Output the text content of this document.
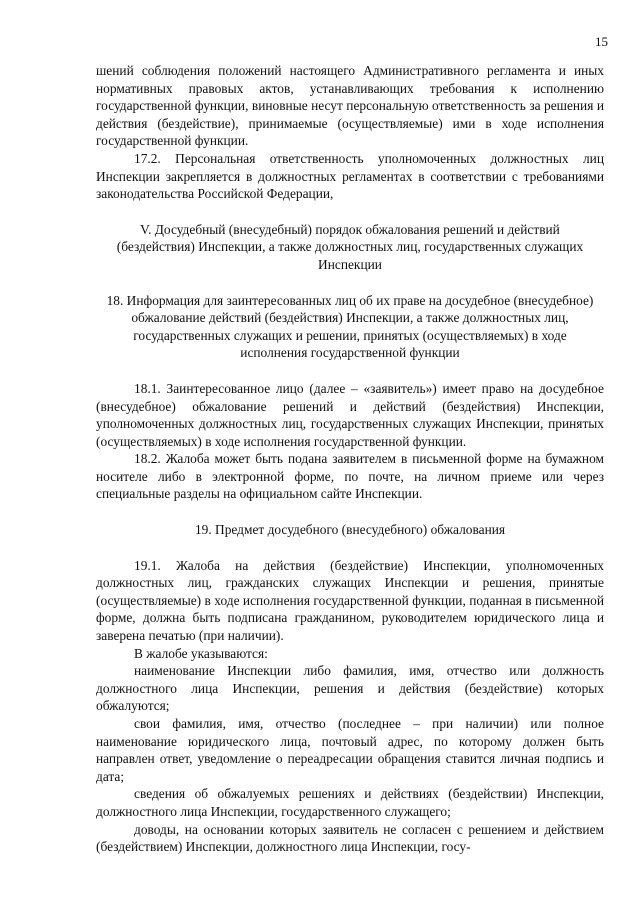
15

шений соблюдения положений настоящего Административного регламента и иных нормативных правовых актов, устанавливающих требования к исполнению государственной функции, виновные несут персональную ответственность за решения и действия (бездействие), принимаемые (осуществляемые) ими в ходе исполнения государственной функции.

17.2. Персональная ответственность уполномоченных должностных лиц Инспекции закрепляется в должностных регламентах в соответствии с требованиями законодательства Российской Федерации,

V. Досудебный (внесудебный) порядок обжалования решений и действий (бездействия) Инспекции, а также должностных лиц, государственных служащих Инспекции

18. Информация для заинтересованных лиц об их праве на досудебное (внесудебное) обжалование действий (бездействия) Инспекции, а также должностных лиц, государственных служащих и решении, принятых (осуществляемых) в ходе исполнения государственной функции

18.1. Заинтересованное лицо (далее – «заявитель») имеет право на досудебное (внесудебное) обжалование решений и действий (бездействия) Инспекции, уполномоченных должностных лиц, государственных служащих Инспекции, принятых (осуществляемых) в ходе исполнения государственной функции.

18.2. Жалоба может быть подана заявителем в письменной форме на бумажном носителе либо в электронной форме, по почте, на личном приеме или через специальные разделы на официальном сайте Инспекции.

19. Предмет досудебного (внесудебного) обжалования

19.1. Жалоба на действия (бездействие) Инспекции, уполномоченных должностных лиц, гражданских служащих Инспекции и решения, принятые (осуществляемые) в ходе исполнения государственной функции, поданная в письменной форме, должна быть подписана гражданином, руководителем юридического лица и заверена печатью (при наличии).

В жалобе указываются:

наименование Инспекции либо фамилия, имя, отчество или должность должностного лица Инспекции, решения и действия (бездействие) которых обжалуются;

свои фамилия, имя, отчество (последнее – при наличии) или полное наименование юридического лица, почтовый адрес, по которому должен быть направлен ответ, уведомление о переадресации обращения ставится личная подпись и дата;

сведения об обжалуемых решениях и действиях (бездействии) Инспекции, должностного лица Инспекции, государственного служащего;

доводы, на основании которых заявитель не согласен с решением и действием (бездействием) Инспекции, должностного лица Инспекции, госу-
